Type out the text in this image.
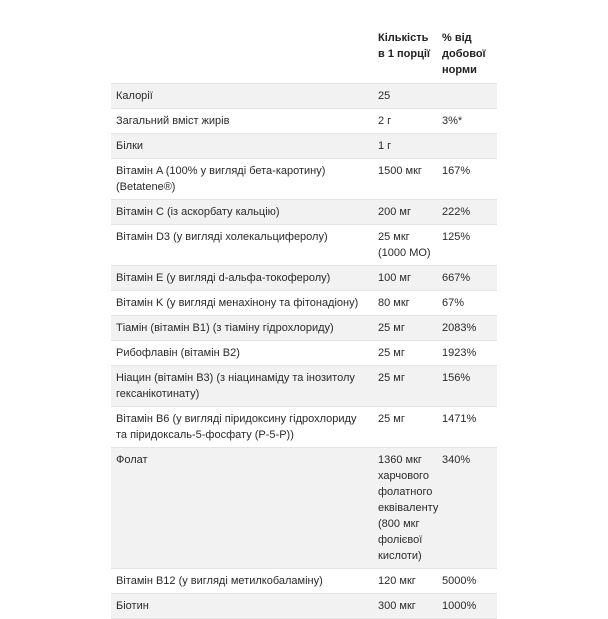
	Кількість в 1 порції	% від добової норми
Калорії	25	
Загальний вміст жирів	2 г	3%*
Білки	1 г	
Вітамін A (100% у вигляді бета-каротину) (Betatene®)	1500 мкг	167%
Вітамін C (із аскорбату кальцію)	200 мг	222%
Вітамін D3 (у вигляді холекальциферолу)	25 мкг (1000 МО)	125%
Вітамін E (у вигляді d-альфа-токоферолу)	100 мг	667%
Вітамін K (у вигляді менахінону та фітонадіону)	80 мкг	67%
Тіамін (вітамін B1) (з тіаміну гідрохлориду)	25 мг	2083%
Рибофлавін (вітамін B2)	25 мг	1923%
Ніацин (вітамін B3) (з ніацинаміду та інозитолу гексанікотинату)	25 мг	156%
Вітамін B6 (у вигляді піридоксину гідрохлориду та піридоксаль-5-фосфату (P-5-P))	25 мг	1471%
Фолат	1360 мкг харчового фолатного еквіваленту (800 мкг фолієвої кислоти)	340%
Вітамін B12 (у вигляді метилкобаламіну)	120 мкг	5000%
Біотин	300 мкг	1000%
